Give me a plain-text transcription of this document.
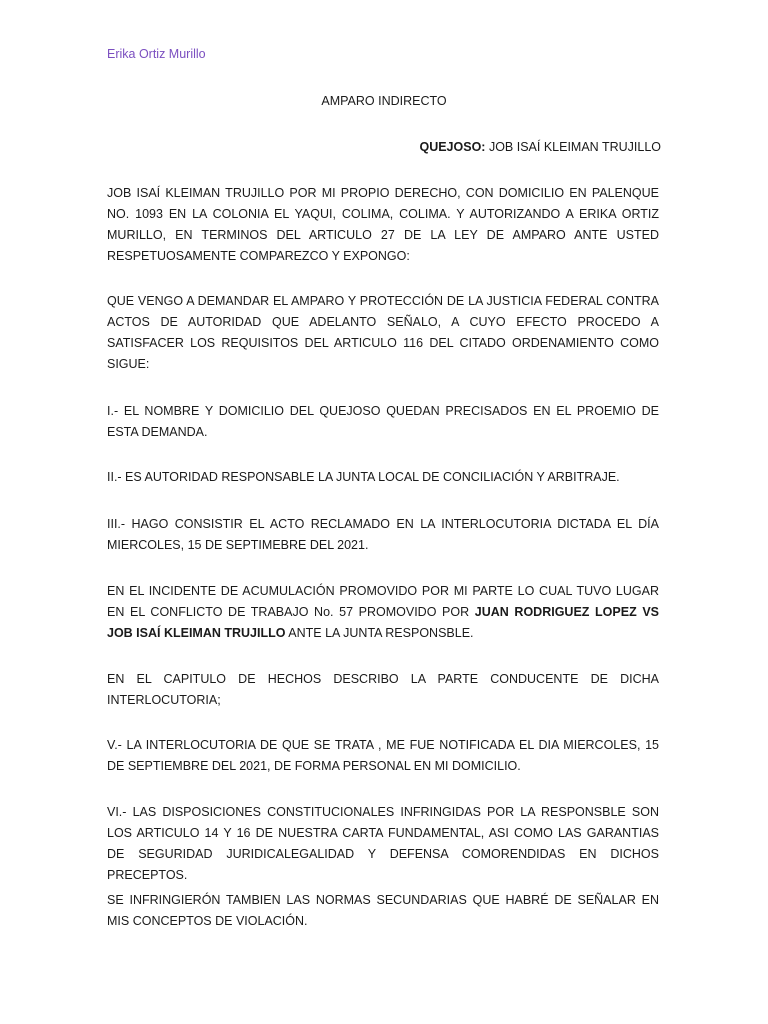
Erika Ortiz Murillo
AMPARO INDIRECTO
QUEJOSO: JOB ISAÍ KLEIMAN TRUJILLO

JOB ISAÍ KLEIMAN TRUJILLO POR MI PROPIO DERECHO, CON DOMICILIO EN PALENQUE NO. 1093 EN LA COLONIA EL YAQUI, COLIMA, COLIMA. Y AUTORIZANDO A ERIKA ORTIZ MURILLO, EN TERMINOS DEL ARTICULO 27 DE LA LEY DE AMPARO ANTE USTED RESPETUOSAMENTE COMPAREZCO Y EXPONGO:

QUE VENGO A DEMANDAR EL AMPARO Y PROTECCIÓN DE LA JUSTICIA FEDERAL CONTRA ACTOS DE AUTORIDAD QUE ADELANTO SEÑALO, A CUYO EFECTO PROCEDO A SATISFACER LOS REQUISITOS DEL ARTICULO 116 DEL CITADO ORDENAMIENTO COMO SIGUE:

I.- EL NOMBRE Y DOMICILIO DEL QUEJOSO QUEDAN PRECISADOS EN EL PROEMIO DE ESTA DEMANDA.

II.- ES AUTORIDAD RESPONSABLE LA JUNTA LOCAL DE CONCILIACIÓN Y ARBITRAJE.

III.- HAGO CONSISTIR EL ACTO RECLAMADO EN LA INTERLOCUTORIA DICTADA EL DÍA MIERCOLES, 15 DE SEPTIMEBRE DEL 2021.

EN EL INCIDENTE DE ACUMULACIÓN PROMOVIDO POR MI PARTE LO CUAL TUVO LUGAR EN EL CONFLICTO DE TRABAJO No. 57 PROMOVIDO POR JUAN RODRIGUEZ LOPEZ VS JOB ISAÍ KLEIMAN TRUJILLO ANTE LA JUNTA RESPONSBLE.

EN EL CAPITULO DE HECHOS DESCRIBO LA PARTE CONDUCENTE DE DICHA INTERLOCUTORIA;

V.- LA INTERLOCUTORIA DE QUE SE TRATA , ME FUE NOTIFICADA EL DIA MIERCOLES, 15 DE SEPTIEMBRE DEL 2021, DE FORMA PERSONAL EN MI DOMICILIO.

VI.- LAS DISPOSICIONES CONSTITUCIONALES INFRINGIDAS POR LA RESPONSBLE SON LOS ARTICULO 14 Y 16 DE NUESTRA CARTA FUNDAMENTAL, ASI COMO LAS GARANTIAS DE SEGURIDAD JURIDICALEGALIDAD Y DEFENSA COMORENDIDAS EN DICHOS PRECEPTOS.

SE INFRINGIERÓN TAMBIEN LAS NORMAS SECUNDARIAS QUE HABRÉ DE SEÑALAR EN MIS CONCEPTOS DE VIOLACIÓN.
